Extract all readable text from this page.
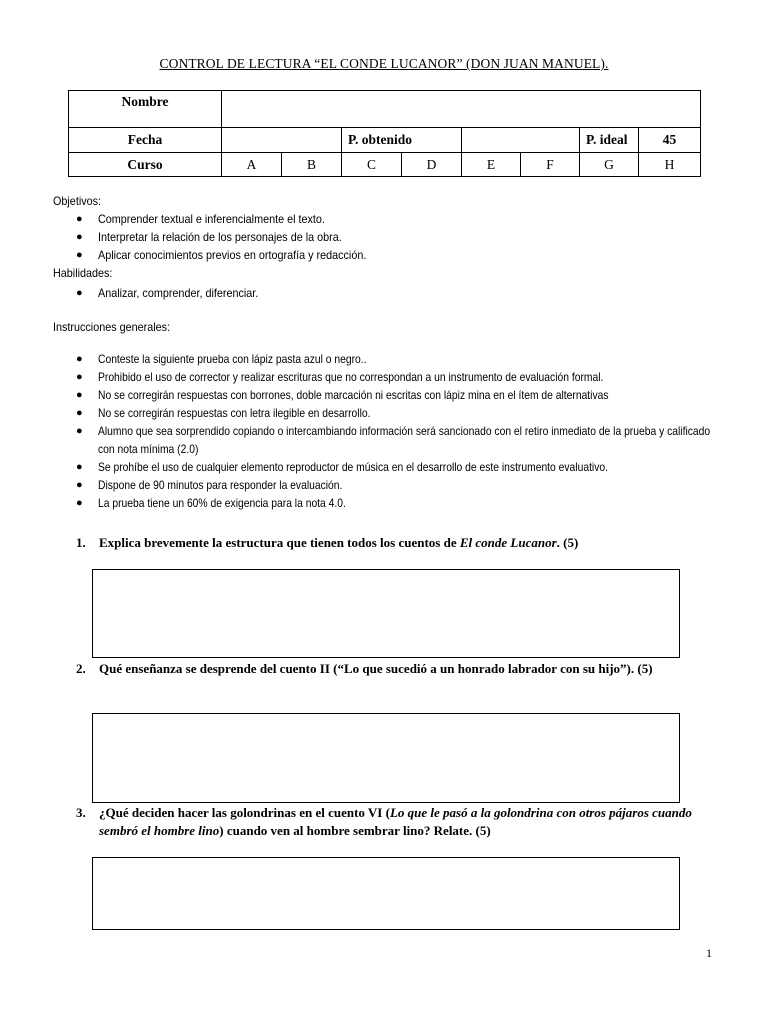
CONTROL DE LECTURA “EL CONDE LUCANOR” (DON JUAN MANUEL).
Nombre								
Fecha			P. obtenido				P. ideal	45
Curso	A	B	C	D	E	F	G	H
Objetivos:
● Comprender textual e inferencialmente el texto.
● Interpretar la relación de los personajes de la obra.
● Aplicar conocimientos previos en ortografía y redacción.
Habilidades:
● Analizar, comprender, diferenciar.
Instrucciones generales:
● Conteste la siguiente prueba con lápiz pasta azul o negro..
● Prohibido el uso de corrector y realizar escrituras que no correspondan a un instrumento de evaluación formal.
● No se corregirán respuestas con borrones, doble marcación ni escritas con lápiz mina en el ítem de alternativas
● No se corregirán respuestas con letra ilegible en desarrollo.
● Alumno que sea sorprendido copiando o intercambiando información será sancionado con el retiro inmediato de la prueba y calificado con nota mínima (2.0)
● Se prohíbe el uso de cualquier elemento reproductor de música en el desarrollo de este instrumento evaluativo.
● Dispone de 90 minutos para responder la evaluación.
● La prueba tiene un 60% de exigencia para la nota 4.0.
1. Explica brevemente la estructura que tienen todos los cuentos de El conde Lucanor. (5)
2. Qué enseñanza se desprende del cuento II (“Lo que sucedió a un honrado labrador con su hijo”). (5)
3. ¿Qué deciden hacer las golondrinas en el cuento VI (Lo que le pasó a la golondrina con otros pájaros cuando sembró el hombre lino) cuando ven al hombre sembrar lino? Relate. (5)
1
